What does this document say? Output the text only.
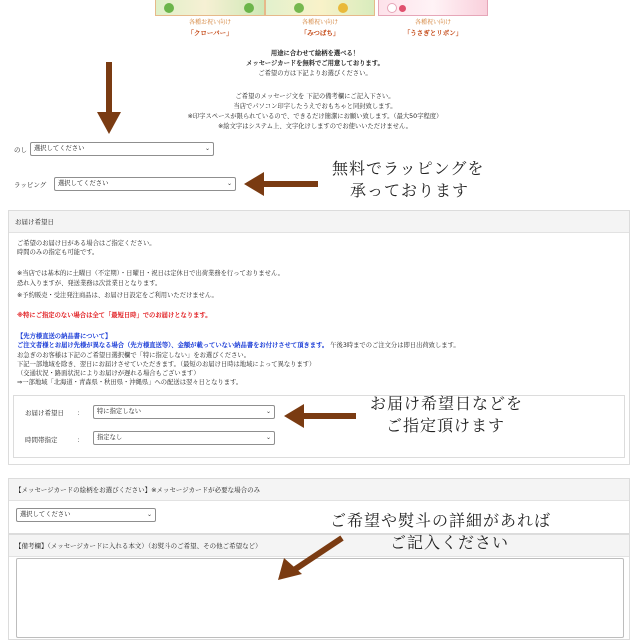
各種お祝い向け
「クローバー」
各種祝い向け
「みつばち」
各種祝い向け
「うさぎとリボン」
用途に合わせて絵柄を選べる！
メッセージカードを無料でご用意しております。
ご希望の方は下記よりお選びください。
ご希望のメッセージ文を 下記の備考欄にご記入下さい。
当店でパソコン印字したうえでおもちゃと同封致します。
※印字スペースが限られているので、できるだけ簡潔にお願い致します。（最大50字程度）
※絵文字はシステム上、文字化けしますのでお使いいただけません。
のし	選択してください	⌄
ラッピング	選択してください	⌄
無料でラッピングを
承っております
お届け希望日
ご希望のお届け日がある場合はご指定ください。
時間のみの指定も可能です。
※当店では基本的に土曜日（不定期）・日曜日・祝日は定休日で出荷業務を行っておりません。
恐れ入りますが、発送業務は次営業日となります。
※予約販売・受注発注商品は、お届け日設定をご利用いただけません。
※特にご指定のない場合は全て「最短日時」でのお届けとなります。
【先方様直送の納品書について】
ご注文者様とお届け先様が異なる場合（先方様直送等）、金額が載っていない納品書をお付けさせて頂きます。 午後3時までのご注文分は即日出荷致します。
お急ぎのお客様は下記のご希望日選択欄で「特に指定しない」をお選びください。
下記一部地域を除き、翌日にお届けさせていただきます。（最短のお届け日時は地域によって異なります）
（交通状況・路面状況によりお届けが遅れる場合もございます）
⇒一部地域「北海道・青森県・秋田県・沖縄県」への配送は翌々日となります。
お届け希望日 ：	特に指定しない	⌄
時間帯指定	：	指定なし	⌄
お届け希望日などを
ご指定頂けます
【メッセージカードの絵柄をお選びください】※メッセージカードが必要な場合のみ
選択してください	⌄
【備考欄】（メッセージカードに入れる本文）（お熨斗のご希望、その他ご希望など）
ご希望や熨斗の詳細があれば
ご記入ください
